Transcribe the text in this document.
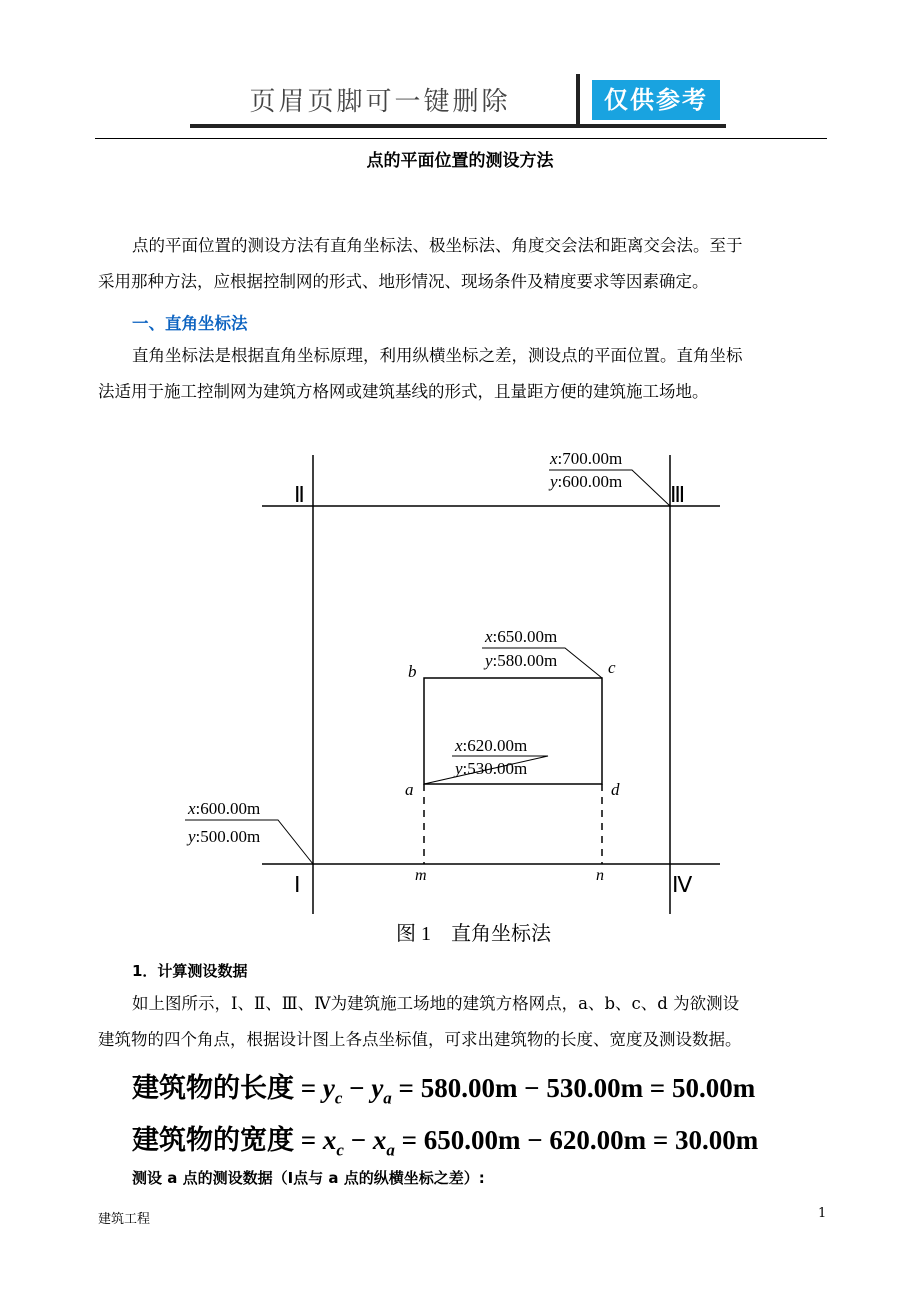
页眉页脚可一键删除	仅供参考
点的平面位置的测设方法

点的平面位置的测设方法有直角坐标法、极坐标法、角度交会法和距离交会法。至于

采用那种方法，应根据控制网的形式、地形情况、现场条件及精度要求等因素确定。

一、直角坐标法

直角坐标法是根据直角坐标原理，利用纵横坐标之差，测设点的平面位置。直角坐标

法适用于施工控制网为建筑方格网或建筑基线的形式，且量距方便的建筑施工场地。

Ⅱ	Ⅲ
Ⅰ	Ⅳ
x:700.00m
y:600.00m
x:650.00m
y:580.00m
x:620.00m
y:530.00m
x:600.00m
y:500.00m
b	c
a	d
m	n
图 1　直角坐标法
1．计算测设数据

如上图所示，Ⅰ、Ⅱ、Ⅲ、Ⅳ为建筑施工场地的建筑方格网点，a、b、c、d 为欲测设

建筑物的四个角点，根据设计图上各点坐标值，可求出建筑物的长度、宽度及测设数据。

建筑物的长度 = $y_c - y_a = 580.00m - 530.00m = 50.00m$
建筑物的宽度 = $x_c - x_a = 650.00m - 620.00m = 30.00m$
测设 a 点的测设数据（Ⅰ点与 a 点的纵横坐标之差）:
建筑工程	1
